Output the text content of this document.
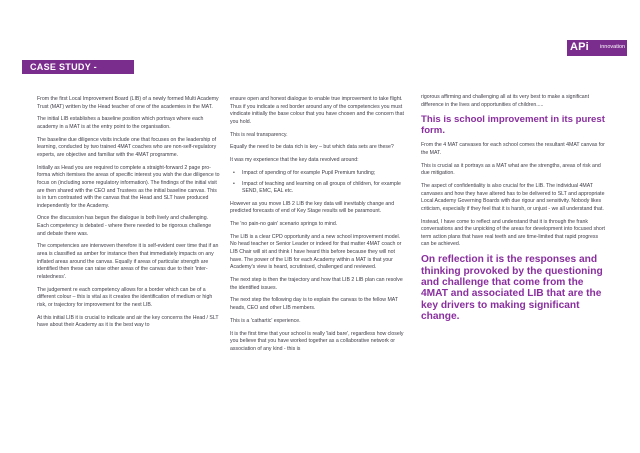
APi innovation
CASE STUDY -

From the first Local Improvement Board (LIB) of a newly formed Multi Academy Trust (MAT) written by the Head teacher of one of the academies in the MAT.

The initial LIB establishes a baseline position which portrays where each academy in a MAT is at the entry point to the organisation.

The baseline due diligence visits include one that focuses on the leadership of learning, conducted by two trained 4MAT coaches who are non-self-regulatory experts, are objective and familiar with the 4MAT programme.

Initially as Head you are required to complete a straight-forward 2 page pro-forma which itemises the areas of specific interest you wish the due diligence to focus on (including some regulatory information). The findings of the initial visit are then shared with the CEO and Trustees as the initial baseline canvas. This is in turn contrasted with the canvas that the Head and SLT have produced independently for the Academy.

Once the discussion has begun the dialogue is both lively and challenging. Each competency is debated - where there needed to be rigorous challenge and debate there was.

The competencies are interwoven therefore it is self-evident over time that if an area is classified as amber for instance then that immediately impacts on any inflated areas around the canvas. Equally if areas of particular strength are identified then these can raise other areas of the canvas due to their 'inter-relatedness'.

The judgement re each competency allows for a border which can be of a different colour – this is vital as it creates the identification of medium or high risk, or trajectory for improvement for the next LIB.

At this initial LIB it is crucial to indicate and air the key concerns the Head / SLT have about their Academy as it is the best way to

ensure open and honest dialogue to enable true improvement to take flight. Thus if you indicate a red border around any of the competencies you must vindicate initially the base colour that you have chosen and the concern that you hold.

This is real transparency.

Equally the need to be data rich is key – but which data sets are these?

It was my experience that the key data revolved around:

• Impact of spending of for example Pupil Premium funding;
• Impact of teaching and learning on all groups of children, for example SEND, EMC, EAL etc.

However as you move LIB 2 LIB the key data will inevitably change and predicted forecasts of end of Key Stage results will be paramount.

The 'no pain-no gain' scenario springs to mind.

The LIB is a clear CPD opportunity and a new school improvement model. No head teacher or Senior Leader or indeed for that matter 4MAT coach or LIB Chair will sit and think I have heard this before because they will not have. The power of the LIB for each Academy within a MAT is that your Academy's view is heard, scrutinised, challenged and reviewed.

The next step is then the trajectory and how that LIB 2 LIB plan can resolve the identified issues.

The next step the following day is to explain the canvas to the fellow MAT heads, CEO and other LIB members.

This is a 'cathartic' experience.

It is the first time that your school is really 'laid bare', regardless how closely you believe that you have worked together as a collaborative network or association of any kind - this is

rigorous affirming and challenging all at its very best to make a significant difference in the lives and opportunities of children.....

This is school improvement in its purest form.

From the 4 MAT canvases for each school comes the resultant 4MAT canvas for the MAT.

This is crucial as it portrays as a MAT what are the strengths, areas of risk and due mitigation.

The aspect of confidentiality is also crucial for the LIB. The individual 4MAT canvases and how they have altered has to be delivered to SLT and appropriate Local Academy Governing Boards with due rigour and sensitivity. Nobody likes criticism, especially if they feel that it is harsh, or unjust - we all understand that.

Instead, I have come to reflect and understand that it is through the frank conversations and the unpicking of the areas for development into focused short term action plans that have real teeth and are time-limited that rapid progress can be achieved.

On reflection it is the responses and thinking provoked by the questioning and challenge that come from the 4MAT and associated LIB that are the key drivers to making significant change.
